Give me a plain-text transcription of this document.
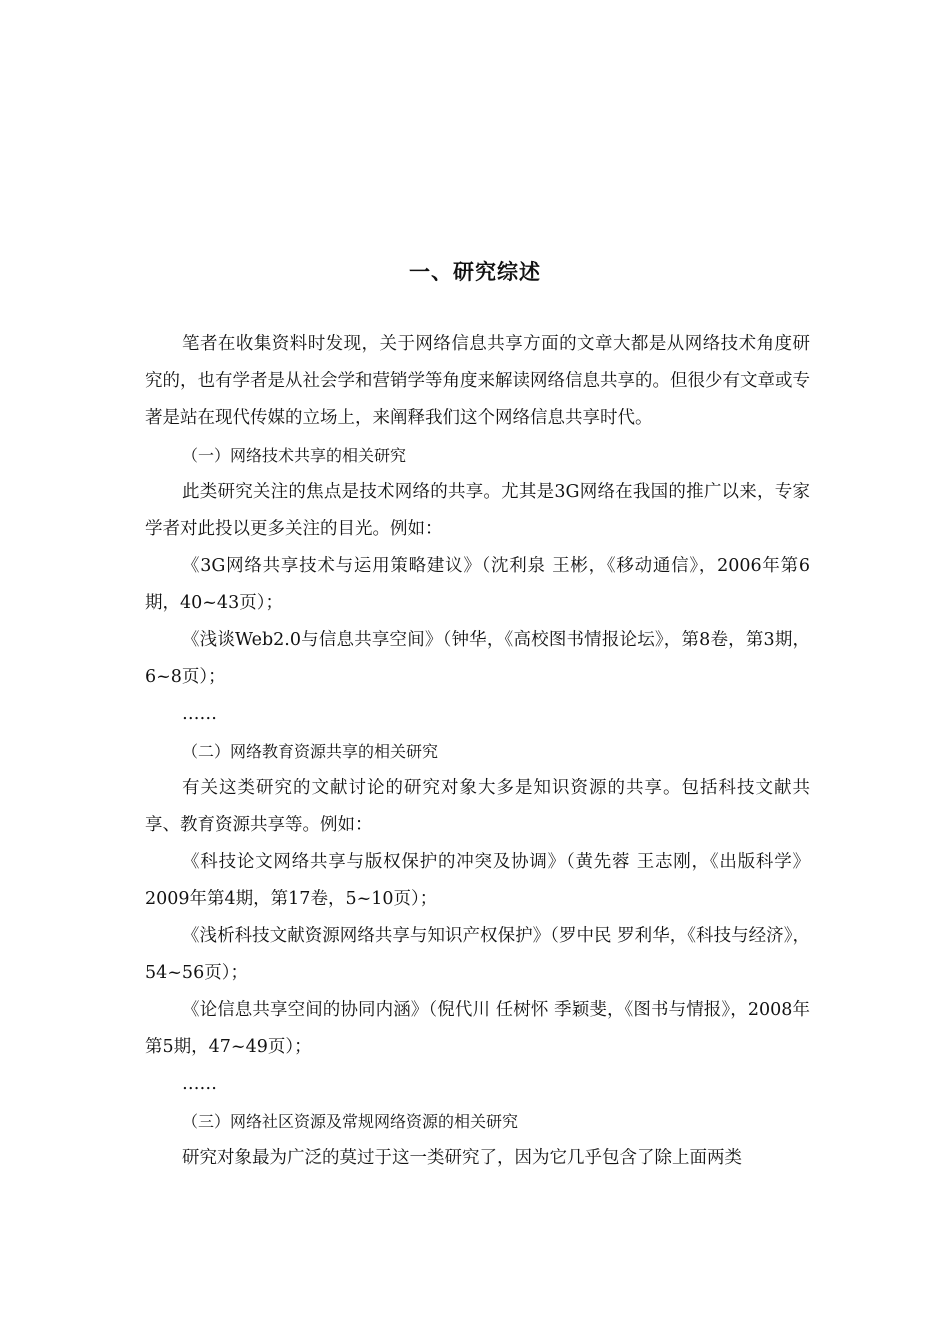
一、研究综述

笔者在收集资料时发现，关于网络信息共享方面的文章大都是从网络技术角度研究的，也有学者是从社会学和营销学等角度来解读网络信息共享的。但很少有文章或专著是站在现代传媒的立场上，来阐释我们这个网络信息共享时代。

（一）网络技术共享的相关研究

此类研究关注的焦点是技术网络的共享。尤其是3G网络在我国的推广以来，专家学者对此投以更多关注的目光。例如：

《3G网络共享技术与运用策略建议》（沈利泉 王彬，《移动通信》，2006年第6期，40~43页）；

《浅谈Web2.0与信息共享空间》（钟华，《高校图书情报论坛》，第8卷，第3期，6~8页）；

……

（二）网络教育资源共享的相关研究

有关这类研究的文献讨论的研究对象大多是知识资源的共享。包括科技文献共享、教育资源共享等。例如：

《科技论文网络共享与版权保护的冲突及协调》（黄先蓉 王志刚，《出版科学》2009年第4期，第17卷，5~10页）；

《浅析科技文献资源网络共享与知识产权保护》（罗中民 罗利华，《科技与经济》，54~56页）；

《论信息共享空间的协同内涵》（倪代川 任树怀 季颖斐，《图书与情报》，2008年第5期，47~49页）；

……

（三）网络社区资源及常规网络资源的相关研究

研究对象最为广泛的莫过于这一类研究了，因为它几乎包含了除上面两类
